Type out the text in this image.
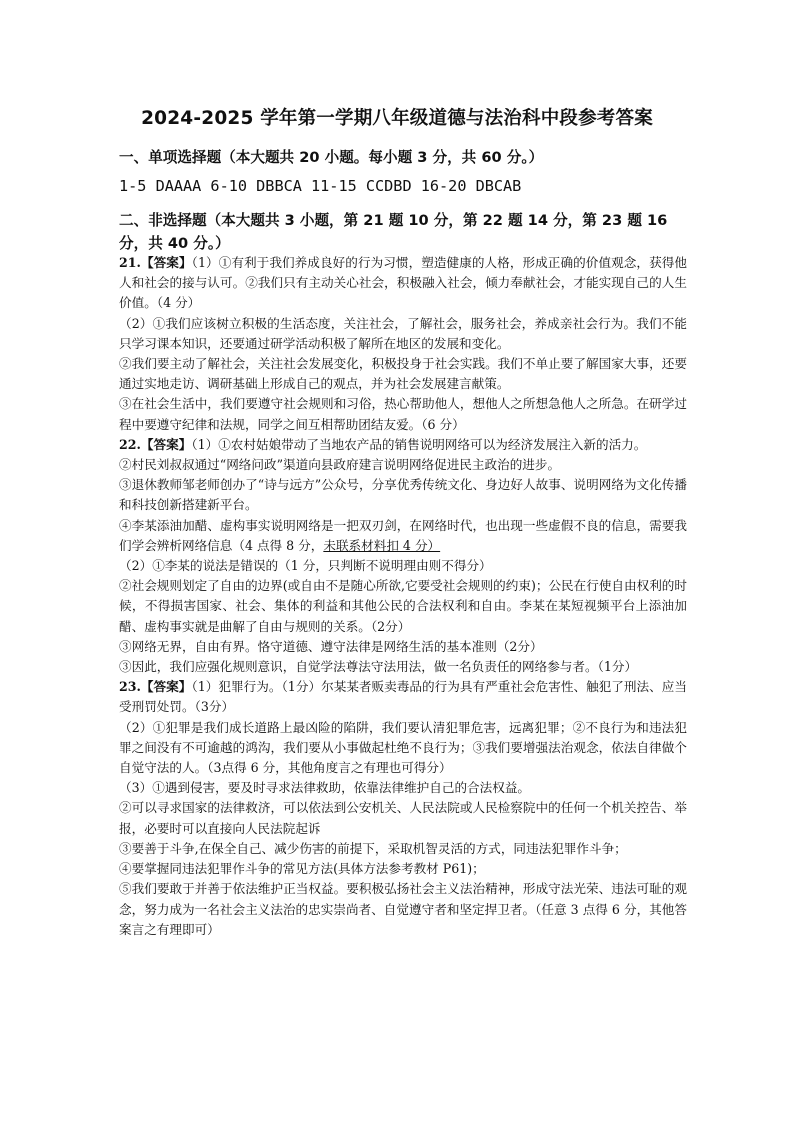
2024-2025 学年第一学期八年级道德与法治科中段参考答案
一、单项选择题（本大题共 20 小题。每小题 3 分，共 60 分。）
1-5 DAAAA 6-10 DBBCA 11-15 CCDBD 16-20 DBCAB
二、非选择题（本大题共 3 小题，第 21 题 10 分，第 22 题 14 分，第 23 题 16 分，共 40 分。）

21.【答案】（1）①有利于我们养成良好的行为习惯，塑造健康的人格，形成正确的价值观念，获得他人和社会的接与认可。②我们只有主动关心社会，积极融入社会，倾力奉献社会，才能实现自己的人生价值。（4 分）

（2）①我们应该树立积极的生活态度，关注社会，了解社会，服务社会，养成亲社会行为。我们不能只学习课本知识，还要通过研学活动积极了解所在地区的发展和变化。

②我们要主动了解社会，关注社会发展变化，积极投身于社会实践。我们不单止要了解国家大事，还要通过实地走访、调研基础上形成自己的观点，并为社会发展建言献策。

③在社会生活中，我们要遵守社会规则和习俗，热心帮助他人，想他人之所想急他人之所急。在研学过程中要遵守纪律和法规，同学之间互相帮助团结友爱。（6 分）

22.【答案】（1）①农村姑娘带动了当地农产品的销售说明网络可以为经济发展注入新的活力。

②村民刘叔叔通过“网络问政”渠道向县政府建言说明网络促进民主政治的进步。

③退休教师邹老师创办了“诗与远方”公众号，分享优秀传统文化、身边好人故事、说明网络为文化传播和科技创新搭建新平台。

④李某添油加醋、虚构事实说明网络是一把双刃剑，在网络时代，也出现一些虚假不良的信息，需要我们学会辨析网络信息（4 点得 8 分，未联系材料扣 4 分）

（2）①李某的说法是错误的（1 分，只判断不说明理由则不得分）

②社会规则划定了自由的边界(或自由不是随心所欲,它要受社会规则的约束)；公民在行使自由权利的时候，不得损害国家、社会、集体的利益和其他公民的合法权利和自由。李某在某短视频平台上添油加醋、虚构事实就是曲解了自由与规则的关系。（2分）

③网络无界，自由有界。恪守道德、遵守法律是网络生活的基本准则（2分）

③因此，我们应强化规则意识，自觉学法尊法守法用法，做一名负责任的网络参与者。（1分）

23.【答案】（1）犯罪行为。（1分）尔某某者贩卖毒品的行为具有严重社会危害性、触犯了刑法、应当受刑罚处罚。（3分）

（2）①犯罪是我们成长道路上最凶险的陷阱，我们要认清犯罪危害，远离犯罪；②不良行为和违法犯罪之间没有不可逾越的鸿沟，我们要从小事做起杜绝不良行为；③我们要增强法治观念，依法自律做个自觉守法的人。（3点得 6 分，其他角度言之有理也可得分）

（3）①遇到侵害，要及时寻求法律救助，依靠法律维护自己的合法权益。

②可以寻求国家的法律救济，可以依法到公安机关、人民法院或人民检察院中的任何一个机关控告、举报，必要时可以直接向人民法院起诉

③要善于斗争,在保全自己、减少伤害的前提下，采取机智灵活的方式，同违法犯罪作斗争；

④要掌握同违法犯罪作斗争的常见方法(具体方法参考教材 P61)；

⑤我们要敢于并善于依法维护正当权益。要积极弘扬社会主义法治精神，形成守法光荣、违法可耻的观念，努力成为一名社会主义法治的忠实崇尚者、自觉遵守者和坚定捍卫者。（任意 3 点得 6 分，其他答案言之有理即可）
